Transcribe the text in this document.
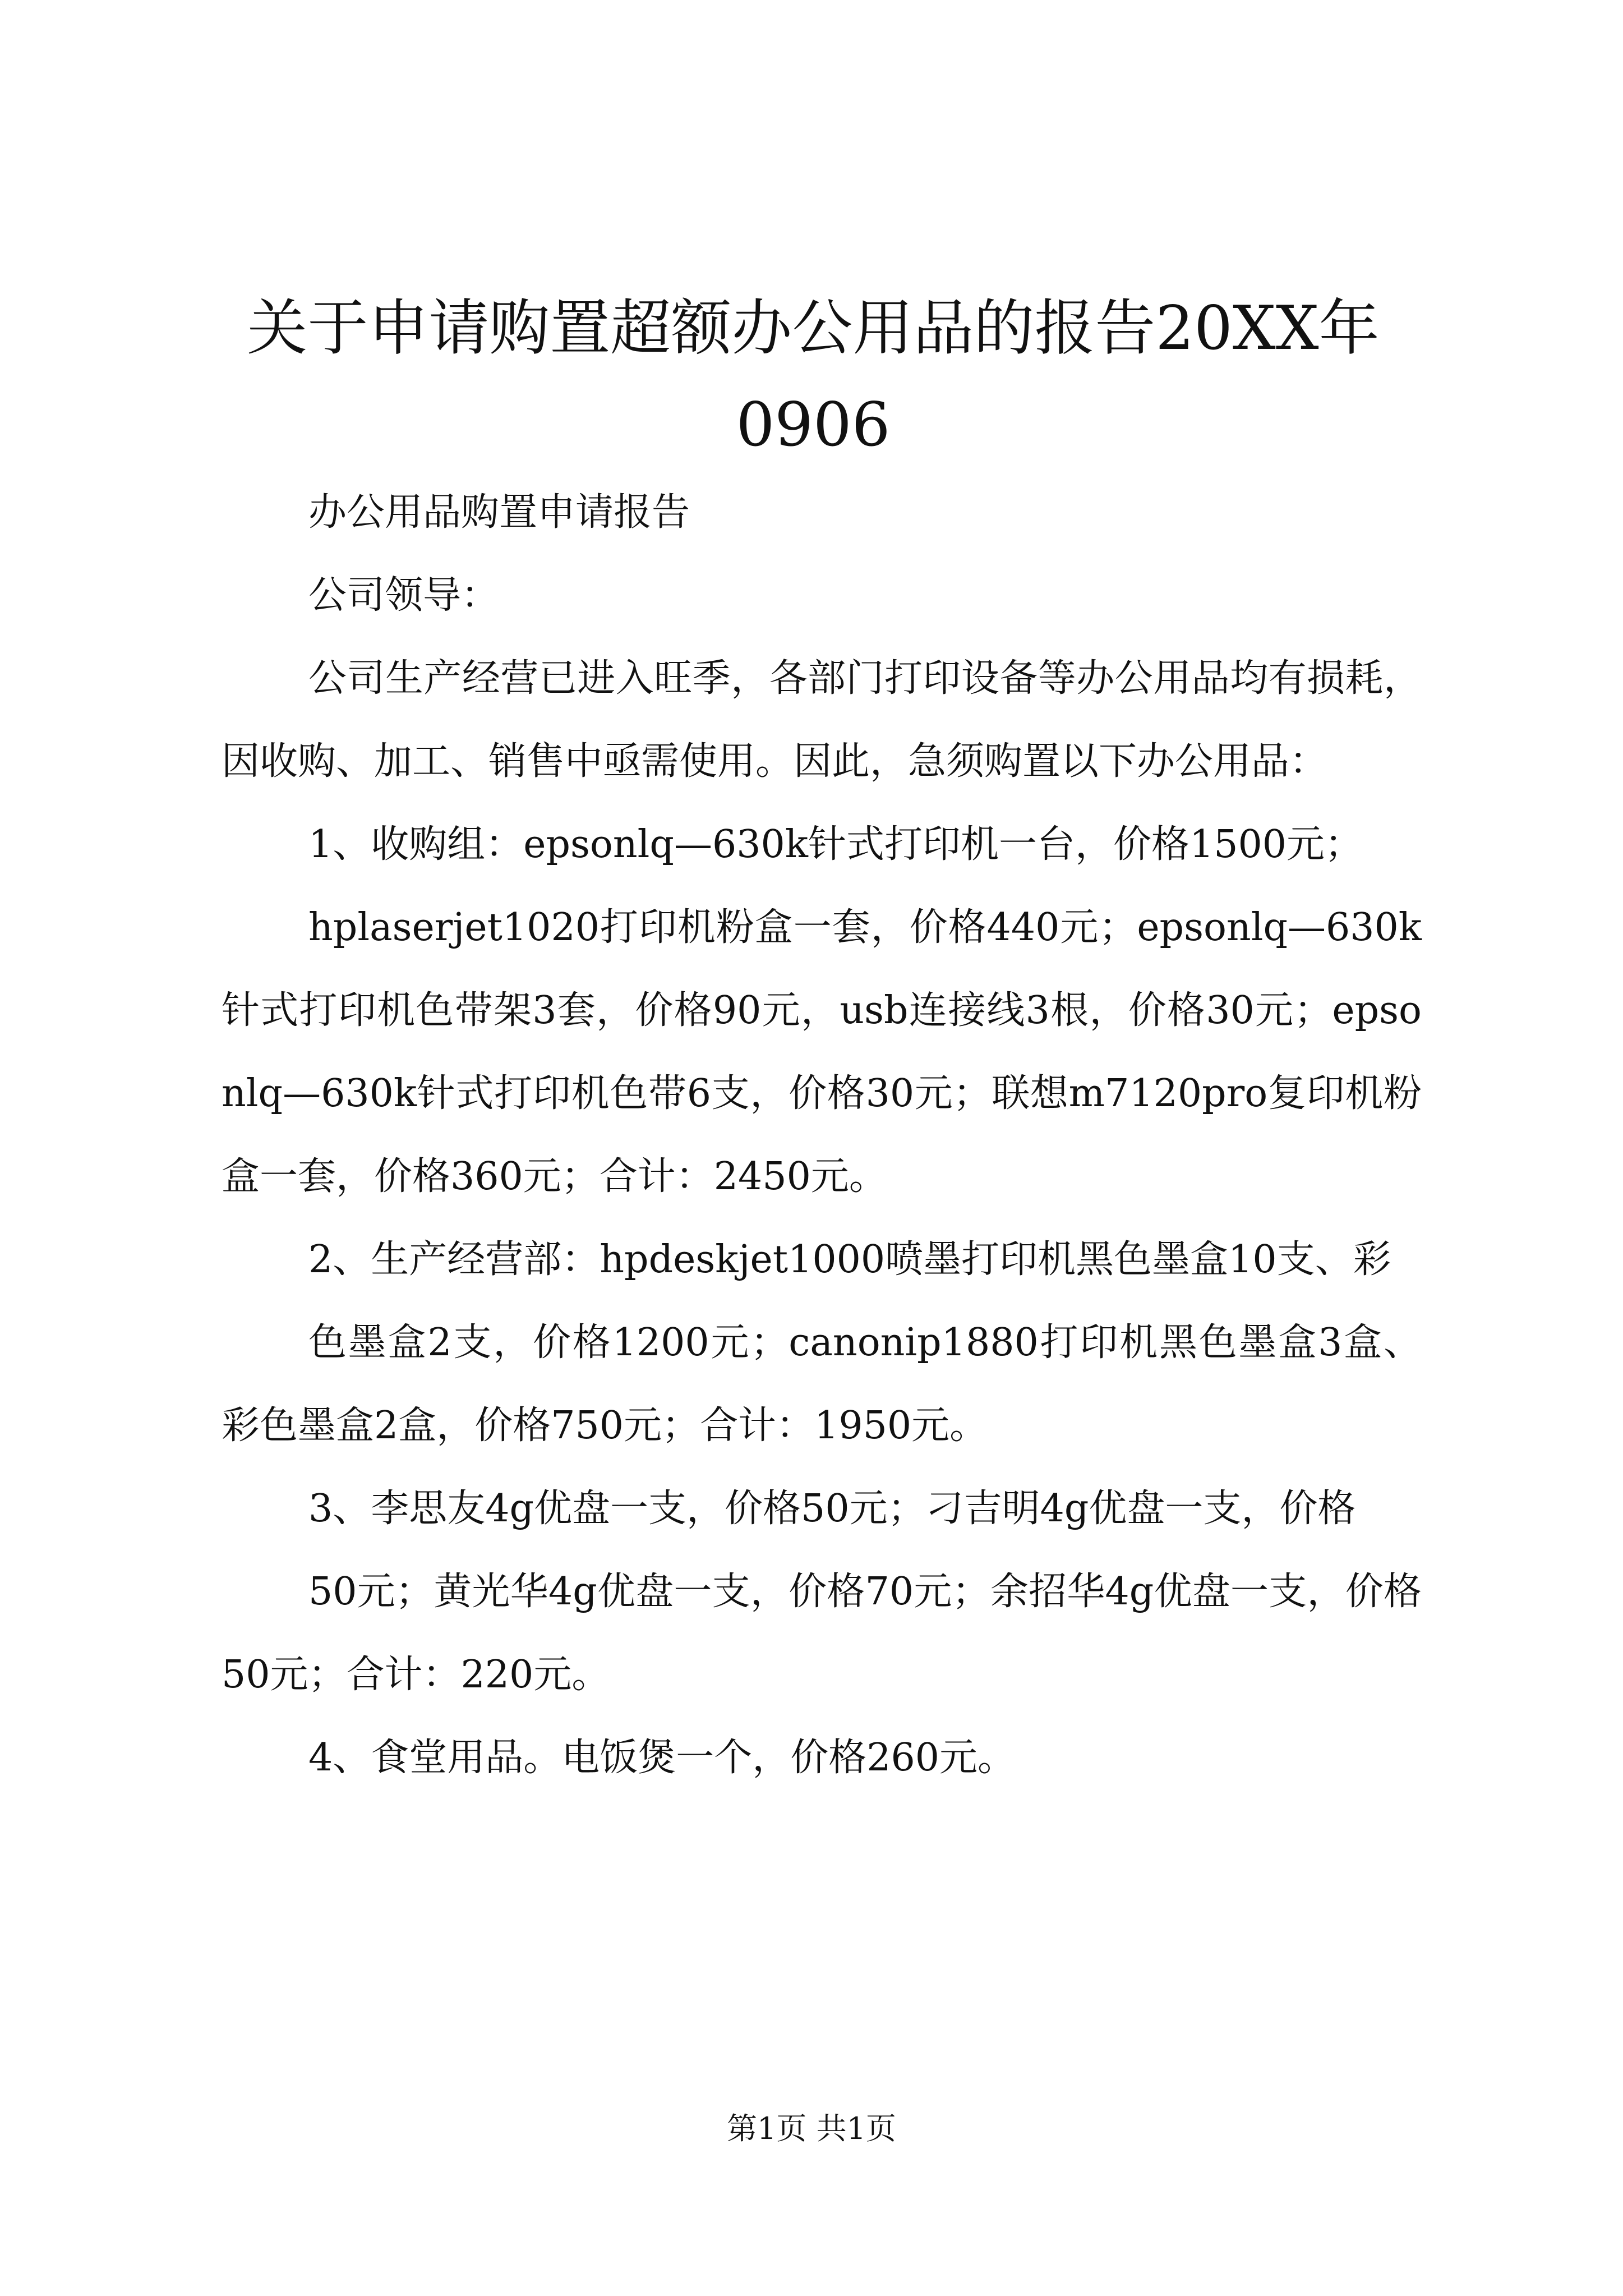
关于申请购置超额办公用品的报告20XX年0906

办公用品购置申请报告

公司领导：

公司生产经营已进入旺季，各部门打印设备等办公用品均有损耗，因收购、加工、销售中亟需使用。因此，急须购置以下办公用品：

1、收购组：epsonlq—630k针式打印机一台，价格1500元；

hplaserjet1020打印机粉盒一套，价格440元；epsonlq—630k针式打印机色带架3套，价格90元，usb连接线3根，价格30元；epsonlq—630k针式打印机色带6支，价格30元；联想m7120pro复印机粉盒一套，价格360元；合计：2450元。

2、生产经营部：hpdeskjet1000喷墨打印机黑色墨盒10支、彩

色墨盒2支，价格1200元；canonip1880打印机黑色墨盒3盒、彩色墨盒2盒，价格750元；合计：1950元。

3、李思友4g优盘一支，价格50元；刁吉明4g优盘一支，价格

50元；黄光华4g优盘一支，价格70元；余招华4g优盘一支，价格50元；合计：220元。

4、食堂用品。电饭煲一个，价格260元。

第1页 共1页
